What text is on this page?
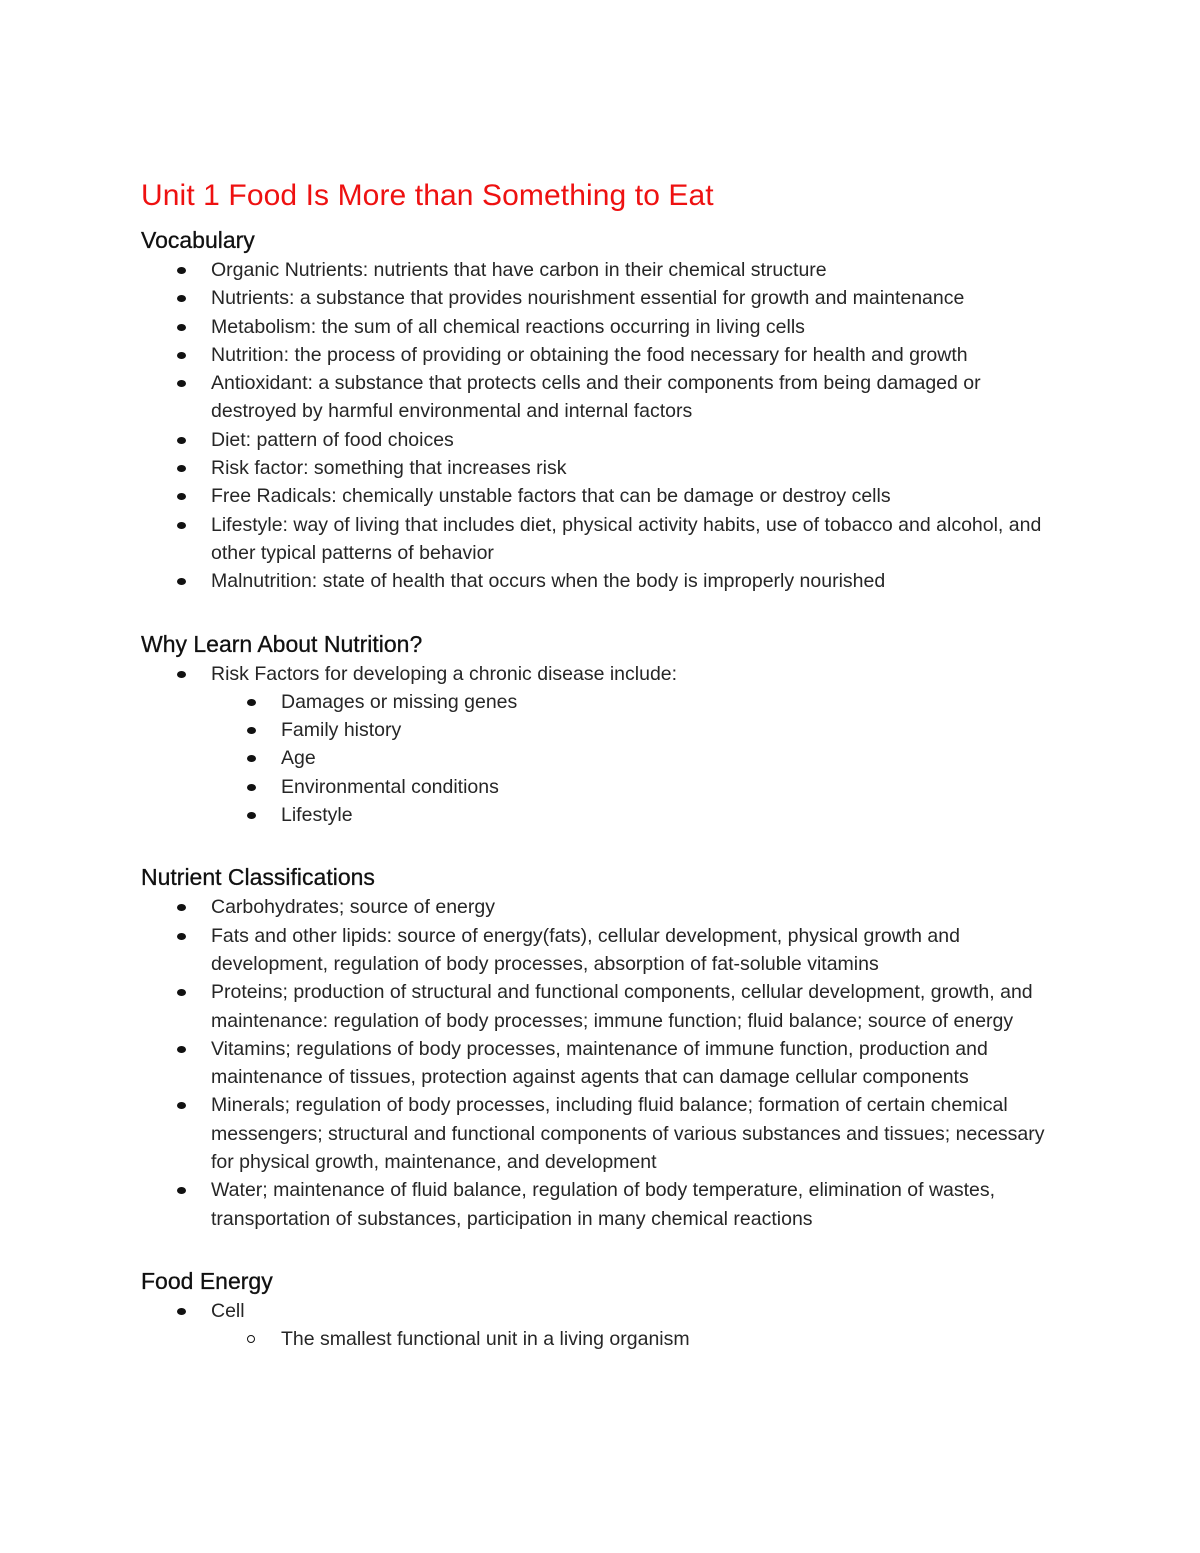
Unit 1 Food Is More than Something to Eat
Vocabulary
Organic Nutrients: nutrients that have carbon in their chemical structure
Nutrients: a substance that provides nourishment essential for growth and maintenance
Metabolism: the sum of all chemical reactions occurring in living cells
Nutrition: the process of providing or obtaining the food necessary for health and growth
Antioxidant: a substance that protects cells and their components from being damaged or destroyed by harmful environmental and internal factors
Diet: pattern of food choices
Risk factor: something that increases risk
Free Radicals: chemically unstable factors that can be damage or destroy cells
Lifestyle: way of living that includes diet, physical activity habits, use of tobacco and alcohol, and other typical patterns of behavior
Malnutrition: state of health that occurs when the body is improperly nourished
Why Learn About Nutrition?
Risk Factors for developing a chronic disease include:
Damages or missing genes
Family history
Age
Environmental conditions
Lifestyle
Nutrient Classifications
Carbohydrates; source of energy
Fats and other lipids: source of energy(fats), cellular development, physical growth and development, regulation of body processes, absorption of fat-soluble vitamins
Proteins; production of structural and functional components, cellular development, growth, and maintenance: regulation of body processes; immune function; fluid balance; source of energy
Vitamins; regulations of body processes, maintenance of immune function, production and maintenance of tissues, protection against agents that can damage cellular components
Minerals; regulation of body processes, including fluid balance; formation of certain chemical messengers; structural and functional components of various substances and tissues; necessary for physical growth, maintenance, and development
Water; maintenance of fluid balance, regulation of body temperature, elimination of wastes, transportation of substances, participation in many chemical reactions
Food Energy
Cell
The smallest functional unit in a living organism
